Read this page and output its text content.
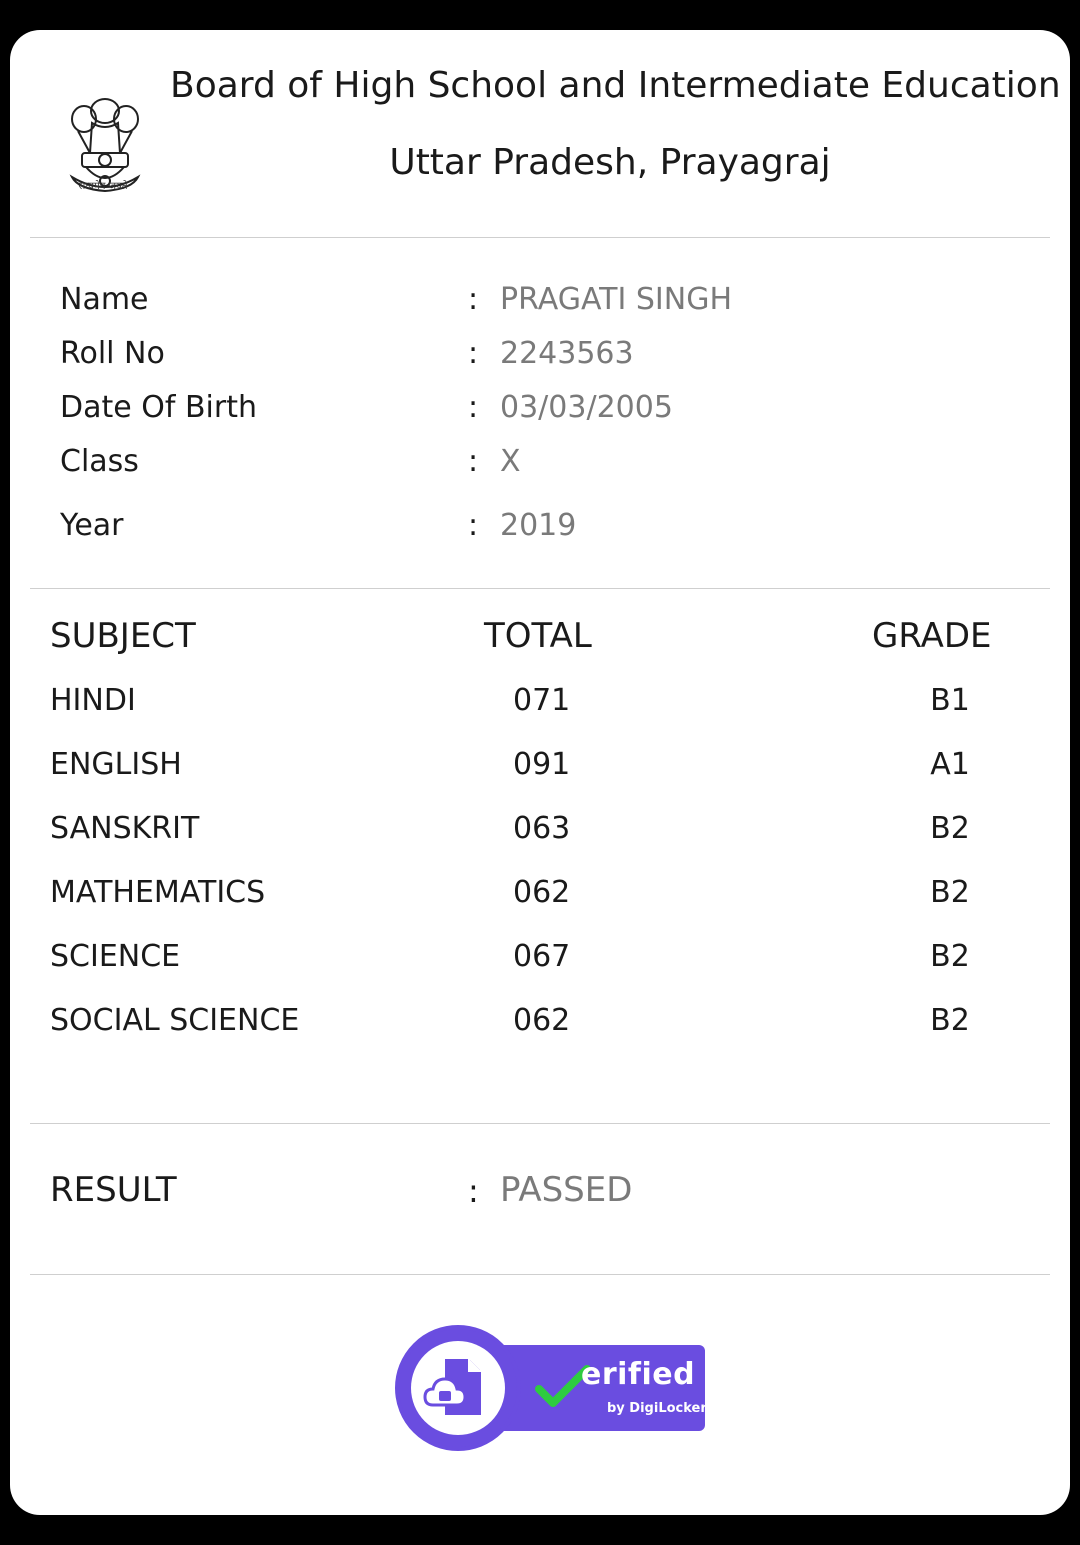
सत्यमेव जयते
Board of High School and Intermediate Education
Uttar Pradesh, Prayagraj
Name	: PRAGATI SINGH
Roll No	: 2243563
Date Of Birth	: 03/03/2005
Class	: X
Year	: 2019
SUBJECT	TOTAL	GRADE
HINDI	071	B1
ENGLISH	091	A1
SANSKRIT	063	B2
MATHEMATICS	062	B2
SCIENCE	067	B2
SOCIAL SCIENCE	062	B2
RESULT	: PASSED
erified
by DigiLocker
